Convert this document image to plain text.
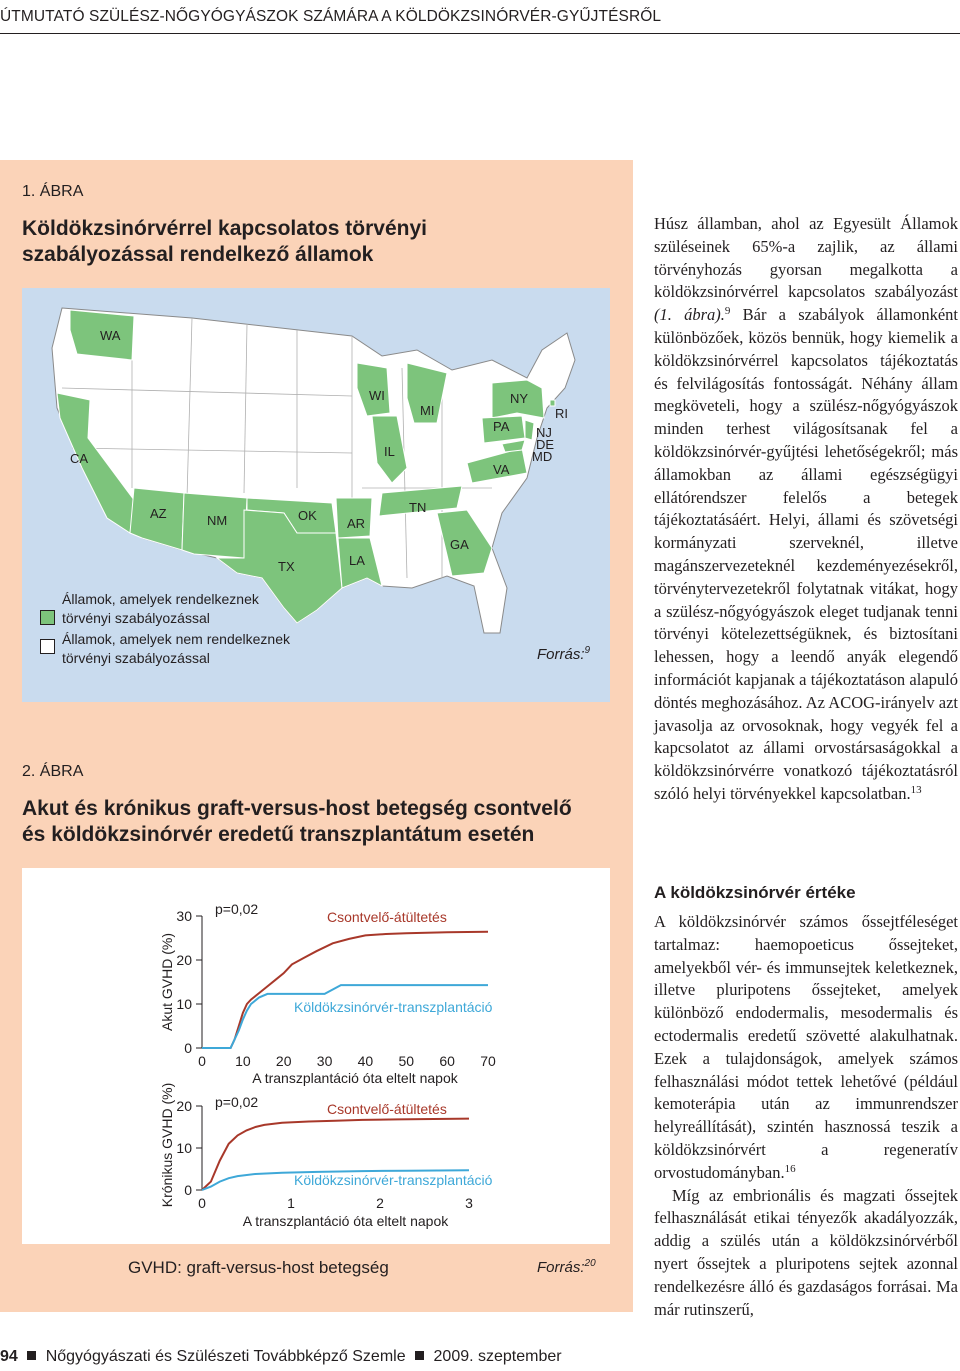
ÚTMUTATÓ SZÜLÉSZ-NŐGYÓGYÁSZOK SZÁMÁRA A KÖLDÖKZSINÓRVÉR-GYŰJTÉSRŐL
1. ÁBRA
Köldökzsinórvérrel kapcsolatos törvényi szabályozással rendelkező államok
WA
CA
AZ	NM	OK
TX
AR
LA
WI
IL
MI
TN
GA
NY
PA
VA
NJ
DE
MD
RI
Államok, amelyek rendelkeznek törvényi szabályozással
Államok, amelyek nem rendelkeznek törvényi szabályozással	Forrás:$^9$
2. ÁBRA
Akut és krónikus graft-versus-host betegség csontvelő és köldökzsinórvér eredetű transzplantátum esetén
0
10
20
30
0 10 20 30 40 50 60 70
A transzplantáció óta eltelt napok
Akut GVHD (%)
p=0,02	Csontvelő-átültetés
Köldökzsinórvér-transzplantáció
0
10
20
0	1	2	3
A transzplantáció óta eltelt napok
Krónikus GVHD (%)	p=0,02	Csontvelő-átültetés
Köldökzsinórvér-transzplantáció
GVHD: graft-versus-host betegség	Forrás:$^{20}$

Húsz államban, ahol az Egyesült Államok szüléseinek 65%-a zajlik, az állami törvényhozás gyorsan megalkotta a köldökzsinórvérrel kapcsolatos szabályozást (1. ábra).$^9$ Bár a szabályok államonként különbözőek, közös bennük, hogy kiemelik a köldökzsinórvérrel kapcsolatos tájékoztatás és felvilágosítás fontosságát. Néhány állam megköveteli, hogy a szülész-nőgyógyászok minden terhest világosítsanak fel a köldökzsinórvér-gyűjtési lehetőségekről; más államokban az állami egészségügyi ellátórendszer felelős a betegek tájékoztatásáért. Helyi, állami és szövetségi kormányzati szerveknél, illetve magánszervezeteknél kezdeményezésekről, törvénytervezetekről folytatnak vitákat, hogy a szülész-nőgyógyászok eleget tudjanak tenni törvényi kötelezettségüknek, és biztosítani lehessen, hogy a leendő anyák elegendő információt kapjanak a tájékoztatáson alapuló döntés meghozásához. Az ACOG-irányelv azt javasolja az orvosoknak, hogy vegyék fel a kapcsolatot az állami orvostársaságokkal a köldökzsinórvérre vonatkozó tájékoztatásról szóló helyi törvényekkel kapcsolatban.$^{13}$

A köldökzsinórvér értéke

A köldökzsinórvér számos őssejtféleséget tartalmaz: haemopoeticus őssejteket, amelyekből vér- és immunsejtek keletkeznek, illetve pluripotens őssejteket, amelyek különböző endodermalis, mesodermalis és ectodermalis eredetű szövetté alakulhatnak. Ezek a tulajdonságok, amelyek számos felhasználási módot tettek lehetővé (például kemoterápia után az immunrendszer helyreállítását), szintén hasznossá teszik a köldökzsinórvért a regeneratív orvostudományban.$^{16}$

Míg az embrionális és magzati őssejtek felhasználását etikai tényezők akadályozzák, addig a szülés után a köldökzsinórvérből nyert őssejtek a pluripotens sejtek azonnal rendelkezésre álló és gazdaságos forrásai. Ma már rutinszerű,

94 Nőgyógyászati és Szülészeti Továbbképző Szemle 2009. szeptember
